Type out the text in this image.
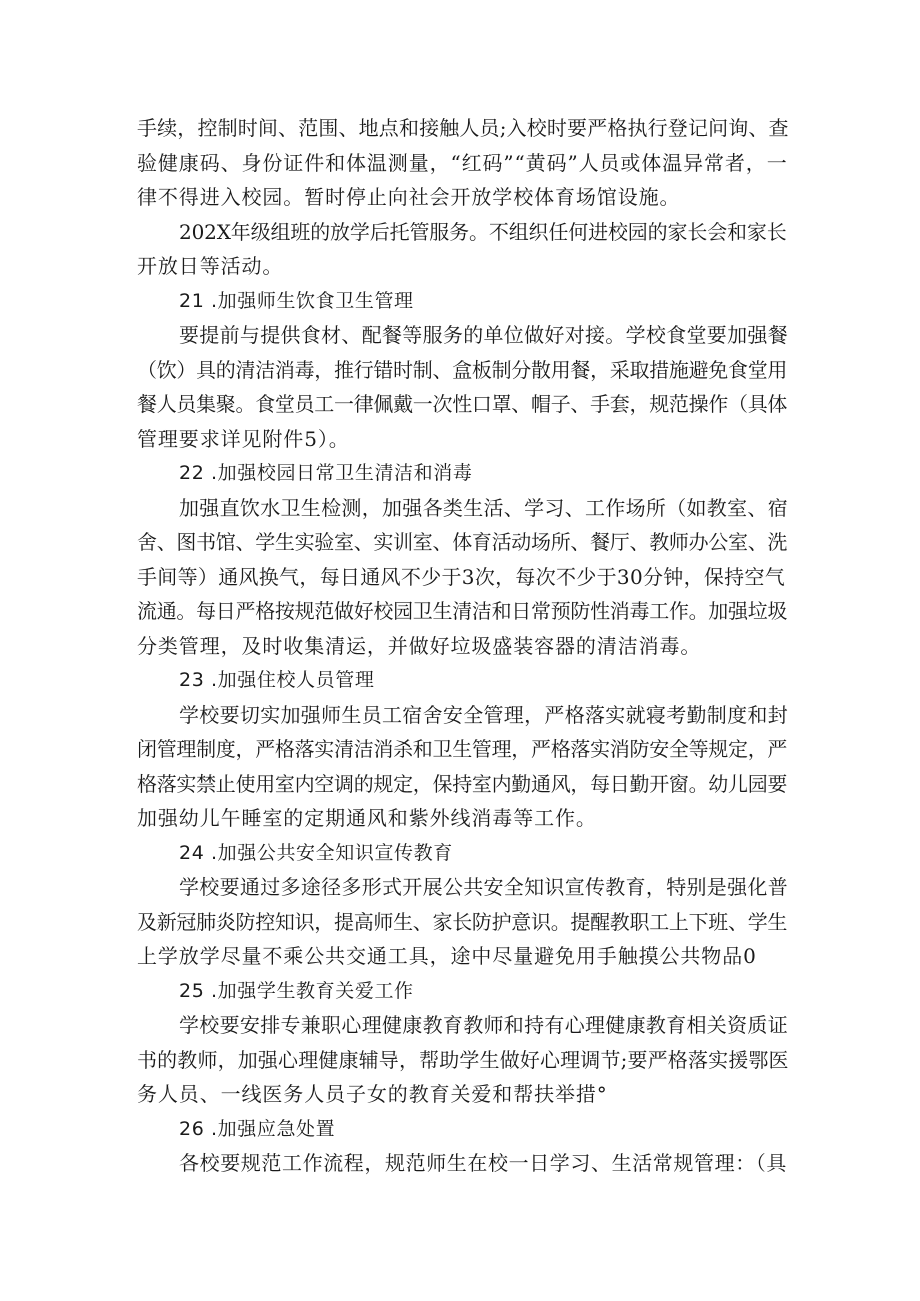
手续，控制时间、范围、地点和接触人员;入校时要严格执行登记问询、查
验健康码、身份证件和体温测量，“红码”“黄码”人员或体温异常者，一
律不得进入校园。暂时停止向社会开放学校体育场馆设施。
202X年级组班的放学后托管服务。不组织任何进校园的家长会和家长
开放日等活动。
21 .加强师生饮食卫生管理
要提前与提供食材、配餐等服务的单位做好对接。学校食堂要加强餐
（饮）具的清洁消毒，推行错时制、盒板制分散用餐，采取措施避免食堂用
餐人员集聚。食堂员工一律佩戴一次性口罩、帽子、手套，规范操作（具体
管理要求详见附件5）。
22 .加强校园日常卫生清洁和消毒
加强直饮水卫生检测，加强各类生活、学习、工作场所（如教室、宿
舍、图书馆、学生实验室、实训室、体育活动场所、餐厅、教师办公室、洗
手间等）通风换气，每日通风不少于3次，每次不少于30分钟，保持空气
流通。每日严格按规范做好校园卫生清洁和日常预防性消毒工作。加强垃圾
分类管理，及时收集清运，并做好垃圾盛装容器的清洁消毒。
23 .加强住校人员管理
学校要切实加强师生员工宿舍安全管理，严格落实就寝考勤制度和封
闭管理制度，严格落实清洁消杀和卫生管理，严格落实消防安全等规定，严
格落实禁止使用室内空调的规定，保持室内勤通风，每日勤开窗。幼儿园要
加强幼儿午睡室的定期通风和紫外线消毒等工作。
24 .加强公共安全知识宣传教育
学校要通过多途径多形式开展公共安全知识宣传教育，特别是强化普
及新冠肺炎防控知识，提高师生、家长防护意识。提醒教职工上下班、学生
上学放学尽量不乘公共交通工具，途中尽量避免用手触摸公共物品0
25 .加强学生教育关爱工作
学校要安排专兼职心理健康教育教师和持有心理健康教育相关资质证
书的教师，加强心理健康辅导，帮助学生做好心理调节;要严格落实援鄂医
务人员、一线医务人员子女的教育关爱和帮扶举措°
26 .加强应急处置
各校要规范工作流程，规范师生在校一日学习、生活常规管理：（具
